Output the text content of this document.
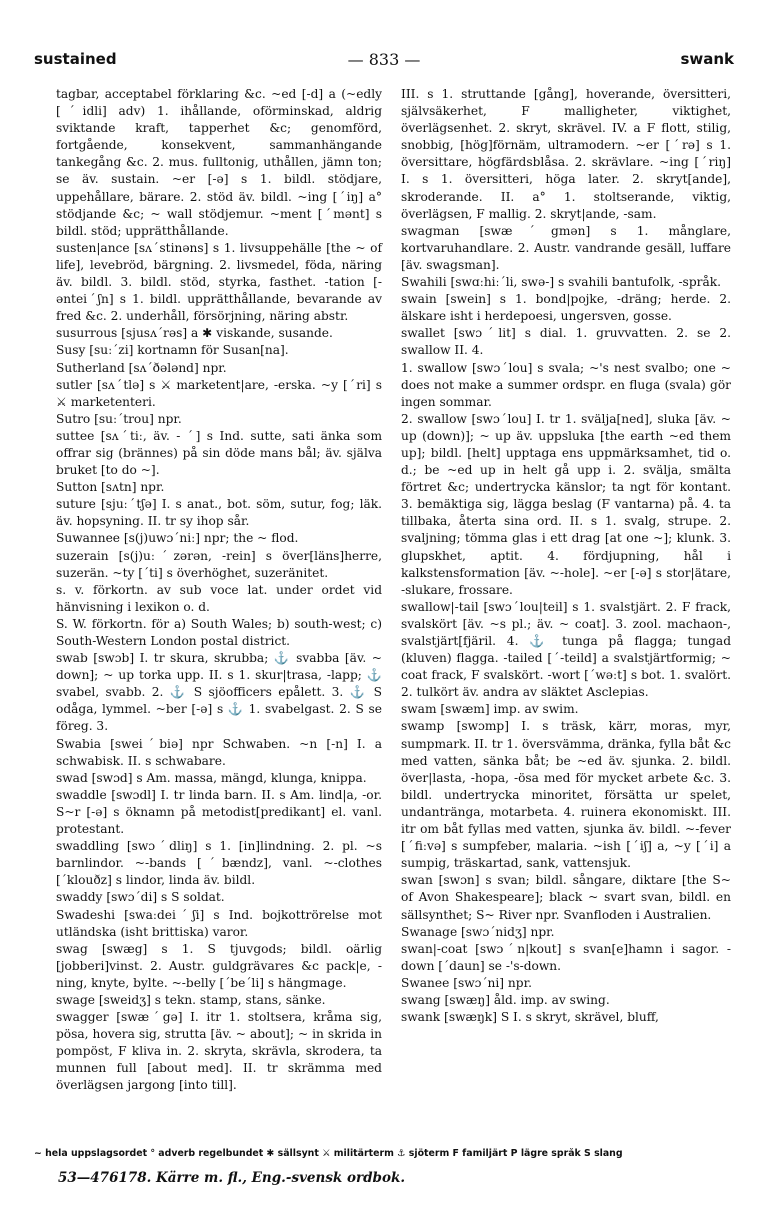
sustained	— 833 —	swank

tagbar, acceptabel förklaring &c. ~ed [-d] a (~edly [ˊidli] adv) 1. ihållande, oförminskad, aldrig sviktande kraft, tapperhet &c; genomförd, fortgående, konsekvent, sammanhängande tankegång &c. 2. mus. fulltonig, uthållen, jämn ton; se äv. sustain. ~er [-ə] s 1. bildl. stödjare, uppehållare, bärare. 2. stöd äv. bildl. ~ing [ˊiŋ] a° stödjande &c; ~ wall stödjemur. ~ment [ˊmənt] s bildl. stöd; upprätthållande.

susten|ance [sʌˊstinəns] s 1. livsuppehälle [the ~ of life], levebröd, bärgning. 2. livsmedel, föda, näring äv. bildl. 3. bildl. stöd, styrka, fasthet. -tation [-ənteiˊʃn] s 1. bildl. upprätthållande, bevarande av fred &c. 2. underhåll, försörjning, näring abstr.

susurrous [sjusʌˊrəs] a ✱ viskande, susande.

Susy [suːˊzi] kortnamn för Susan[na].

Sutherland [sʌˊðələnd] npr.

sutler [sʌˊtlə] s ⚔ marketent|are, -erska. ~y [ˊri] s ⚔ marketenteri.

Sutro [suːˊtrou] npr.

suttee [sʌˊtiː, äv. - ˊ] s Ind. sutte, sati änka som offrar sig (brännes) på sin döde mans bål; äv. själva bruket [to do ~].

Sutton [sʌtn] npr.

suture [sjuːˊtʃə] I. s anat., bot. söm, sutur, fog; läk. äv. hopsyning. II. tr sy ihop sår.

Suwannee [s(j)uwɔˊniː] npr; the ~ flod.

suzerain [s(j)uːˊzərən, -rein] s över[läns]herre, suzerän. ~ty [ˊti] s överhöghet, suzeränitet.

s. v. förkortn. av sub voce lat. under ordet vid hänvisning i lexikon o. d.

S. W. förkortn. för a) South Wales; b) south-west; c) South-Western London postal district.

swab [swɔb] I. tr skura, skrubba; ⚓ svabba [äv. ~ down]; ~ up torka upp. II. s 1. skur|trasa, -lapp; ⚓ svabel, svabb. 2. ⚓ S sjöofficers epålett. 3. ⚓ S odåga, lymmel. ~ber [-ə] s ⚓ 1. svabelgast. 2. S se föreg. 3.

Swabia [sweiˊbiə] npr Schwaben. ~n [-n] I. a schwabisk. II. s schwabare.

swad [swɔd] s Am. massa, mängd, klunga, knippa.

swaddle [swɔdl] I. tr linda barn. II. s Am. lind|a, -or. S~r [-ə] s öknamn på metodist[predikant] el. vanl. protestant.

swaddling [swɔˊdliŋ] s 1. [in]lindning. 2. pl. ~s barnlindor. ~-bands [ˊbændz], vanl. ~-clothes [ˊklouðz] s lindor, linda äv. bildl.

swaddy [swɔˊdi] s S soldat.

Swadeshi [swaːdeiˊʃi] s Ind. bojkottrörelse mot utländska (isht brittiska) varor.

swag [swæg] s 1. S tjuvgods; bildl. oärlig [jobberi]vinst. 2. Austr. guldgrävares &c pack|e, -ning, knyte, bylte. ~-belly [ˊbeˊli] s hängmage.

swage [sweidʒ] s tekn. stamp, stans, sänke.

swagger [swæˊgə] I. itr 1. stoltsera, kråma sig, pösa, hovera sig, strutta [äv. ~ about]; ~ in skrida in pompöst, F kliva in. 2. skryta, skrävla, skrodera, ta munnen full [about med]. II. tr skrämma med överlägsen jargong [into till].

III. s 1. struttande [gång], hoverande, översitteri, självsäkerhet, F malligheter, viktighet, överlägsenhet. 2. skryt, skrävel. IV. a F flott, stilig, snobbig, [hög]förnäm, ultramodern. ~er [ˊrə] s 1. översittare, högfärdsblåsa. 2. skrävlare. ~ing [ˊriŋ] I. s 1. översitteri, höga later. 2. skryt[ande], skroderande. II. a° 1. stoltserande, viktig, överlägsen, F mallig. 2. skryt|ande, -sam.

swagman [swæˊgmən] s 1. månglare, kortvaruhandlare. 2. Austr. vandrande gesäll, luffare [äv. swagsman].

Swahili [swɑːhiːˊli, swə-] s svahili bantufolk, -språk.

swain [swein] s 1. bond|pojke, -dräng; herde. 2. älskare isht i herdepoesi, ungersven, gosse.

swallet [swɔˊlit] s dial. 1. gruvvatten. 2. se 2. swallow II. 4.

1. swallow [swɔˊlou] s svala; ~'s nest svalbo; one ~ does not make a summer ordspr. en fluga (svala) gör ingen sommar.

2. swallow [swɔˊlou] I. tr 1. svälja[ned], sluka [äv. ~ up (down)]; ~ up äv. uppsluka [the earth ~ed them up]; bildl. [helt] upptaga ens uppmärksamhet, tid o. d.; be ~ed up in helt gå upp i. 2. svälja, smälta förtret &c; undertrycka känslor; ta ngt för kontant. 3. bemäktiga sig, lägga beslag (F vantarna) på. 4. ta tillbaka, återta sina ord. II. s 1. svalg, strupe. 2. svaljning; tömma glas i ett drag [at one ~]; klunk. 3. glupskhet, aptit. 4. fördjupning, hål i kalkstensformation [äv. ~-hole]. ~er [-ə] s stor|ätare, -slukare, frossare.

swallow|-tail [swɔˊlou|teil] s 1. svalstjärt. 2. F frack, svalskört [äv. ~s pl.; äv. ~ coat]. 3. zool. machaon-, svalstjärt[fjäril. 4. ⚓ tunga på flagga; tungad (kluven) flagga. -tailed [ˊ-teild] a svalstjärtformig; ~ coat frack, F svalskört. -wort [ˊwəːt] s bot. 1. svalört. 2. tulkört äv. andra av släktet Asclepias.

swam [swæm] imp. av swim.

swamp [swɔmp] I. s träsk, kärr, moras, myr, sumpmark. II. tr 1. översvämma, dränka, fylla båt &c med vatten, sänka båt; be ~ed äv. sjunka. 2. bildl. över|lasta, -hopa, -ösa med för mycket arbete &c. 3. bildl. undertrycka minoritet, försätta ur spelet, undantränga, motarbeta. 4. ruinera ekonomiskt. III. itr om båt fyllas med vatten, sjunka äv. bildl. ~-fever [ˊfiːvə] s sumpfeber, malaria. ~ish [ˊiʃ] a, ~y [ˊi] a sumpig, träskartad, sank, vattensjuk.

swan [swɔn] s svan; bildl. sångare, diktare [the S~ of Avon Shakespeare]; black ~ svart svan, bildl. en sällsynthet; S~ River npr. Svanfloden i Australien.

Swanage [swɔˊnidʒ] npr.

swan|-coat [swɔˊn|kout] s svan[e]hamn i sagor. -down [ˊdaun] se -'s-down.

Swanee [swɔˊni] npr.

swang [swæŋ] åld. imp. av swing.

swank [swæŋk] S I. s skryt, skrävel, bluff,

~ hela uppslagsordet ° adverb regelbundet ✱ sällsynt ⚔ militärterm ⚓ sjöterm F familjärt P lägre språk S slang
53—476178. Kärre m. fl., Eng.-svensk ordbok.
